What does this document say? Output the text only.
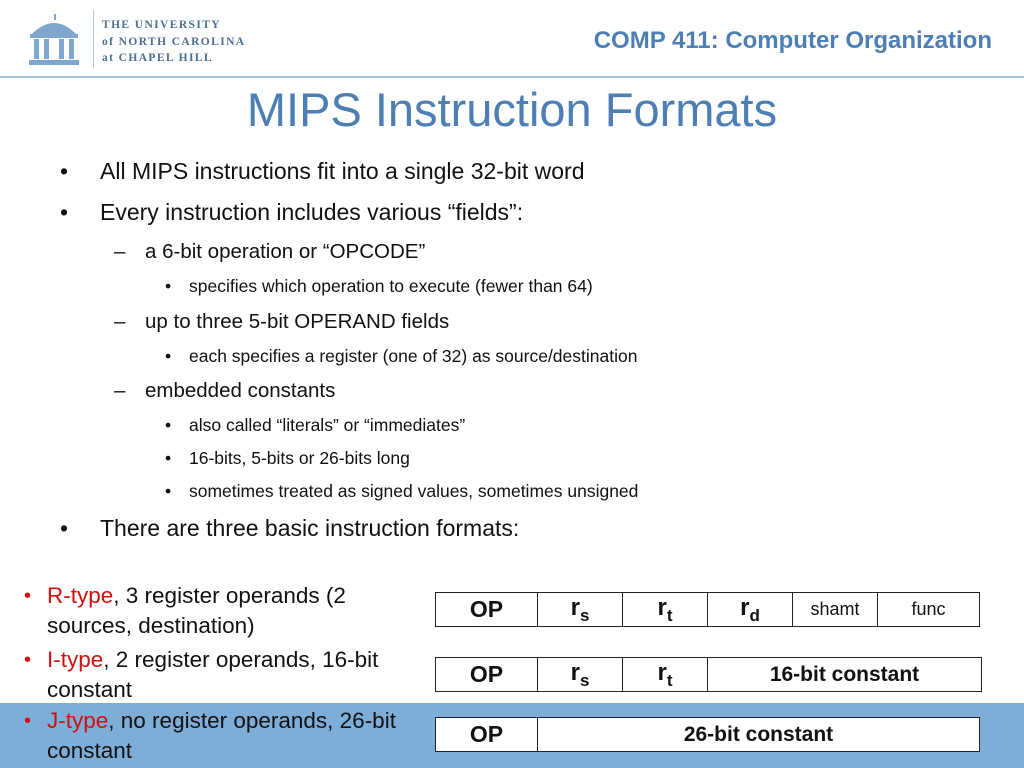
THE UNIVERSITY
of NORTH CAROLINA
at CHAPEL HILL
COMP 411: Computer Organization
MIPS Instruction Formats
• All MIPS instructions fit into a single 32-bit word
• Every instruction includes various “fields”:
– a 6-bit operation or “OPCODE”
• specifies which operation to execute (fewer than 64)
– up to three 5-bit OPERAND fields
• each specifies a register (one of 32) as source/destination
– embedded constants
• also called “literals” or “immediates”
• 16-bits, 5-bits or 26-bits long
• sometimes treated as signed values, sometimes unsigned
• There are three basic instruction formats:
• R-type, 3 register operands (2 sources, destination)
• I-type, 2 register operands, 16-bit constant
• J-type, no register operands, 26-bit constant
OP	$r_s$	$r_t$	$r_d$	shamt	func
OP	$r_s$	$r_t$	16-bit constant
OP	26-bit constant
